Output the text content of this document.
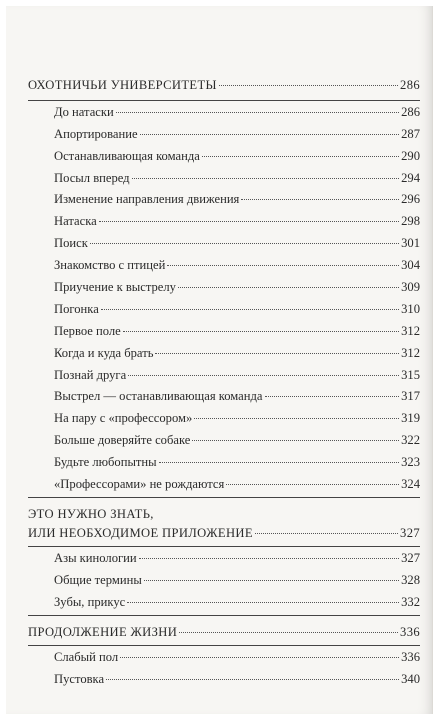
ОХОТНИЧЬИ УНИВЕРСИТЕТЫ	286
До натаски	286
Апортирование	287
Останавливающая команда	290
Посыл вперед	294
Изменение направления движения	296
Натаска	298
Поиск	301
Знакомство с птицей	304
Приучение к выстрелу	309
Погонка	310
Первое поле	312
Когда и куда брать	312
Познай друга	315
Выстрел — останавливающая команда	317
На пару с «профессором»	319
Больше доверяйте собаке	322
Будьте любопытны	323
«Профессорами» не рождаются	324
ЭТО НУЖНО ЗНАТЬ,
ИЛИ НЕОБХОДИМОЕ ПРИЛОЖЕНИЕ	327
Азы кинологии	327
Общие термины	328
Зубы, прикус	332
ПРОДОЛЖЕНИЕ ЖИЗНИ	336
Слабый пол	336
Пустовка	340
